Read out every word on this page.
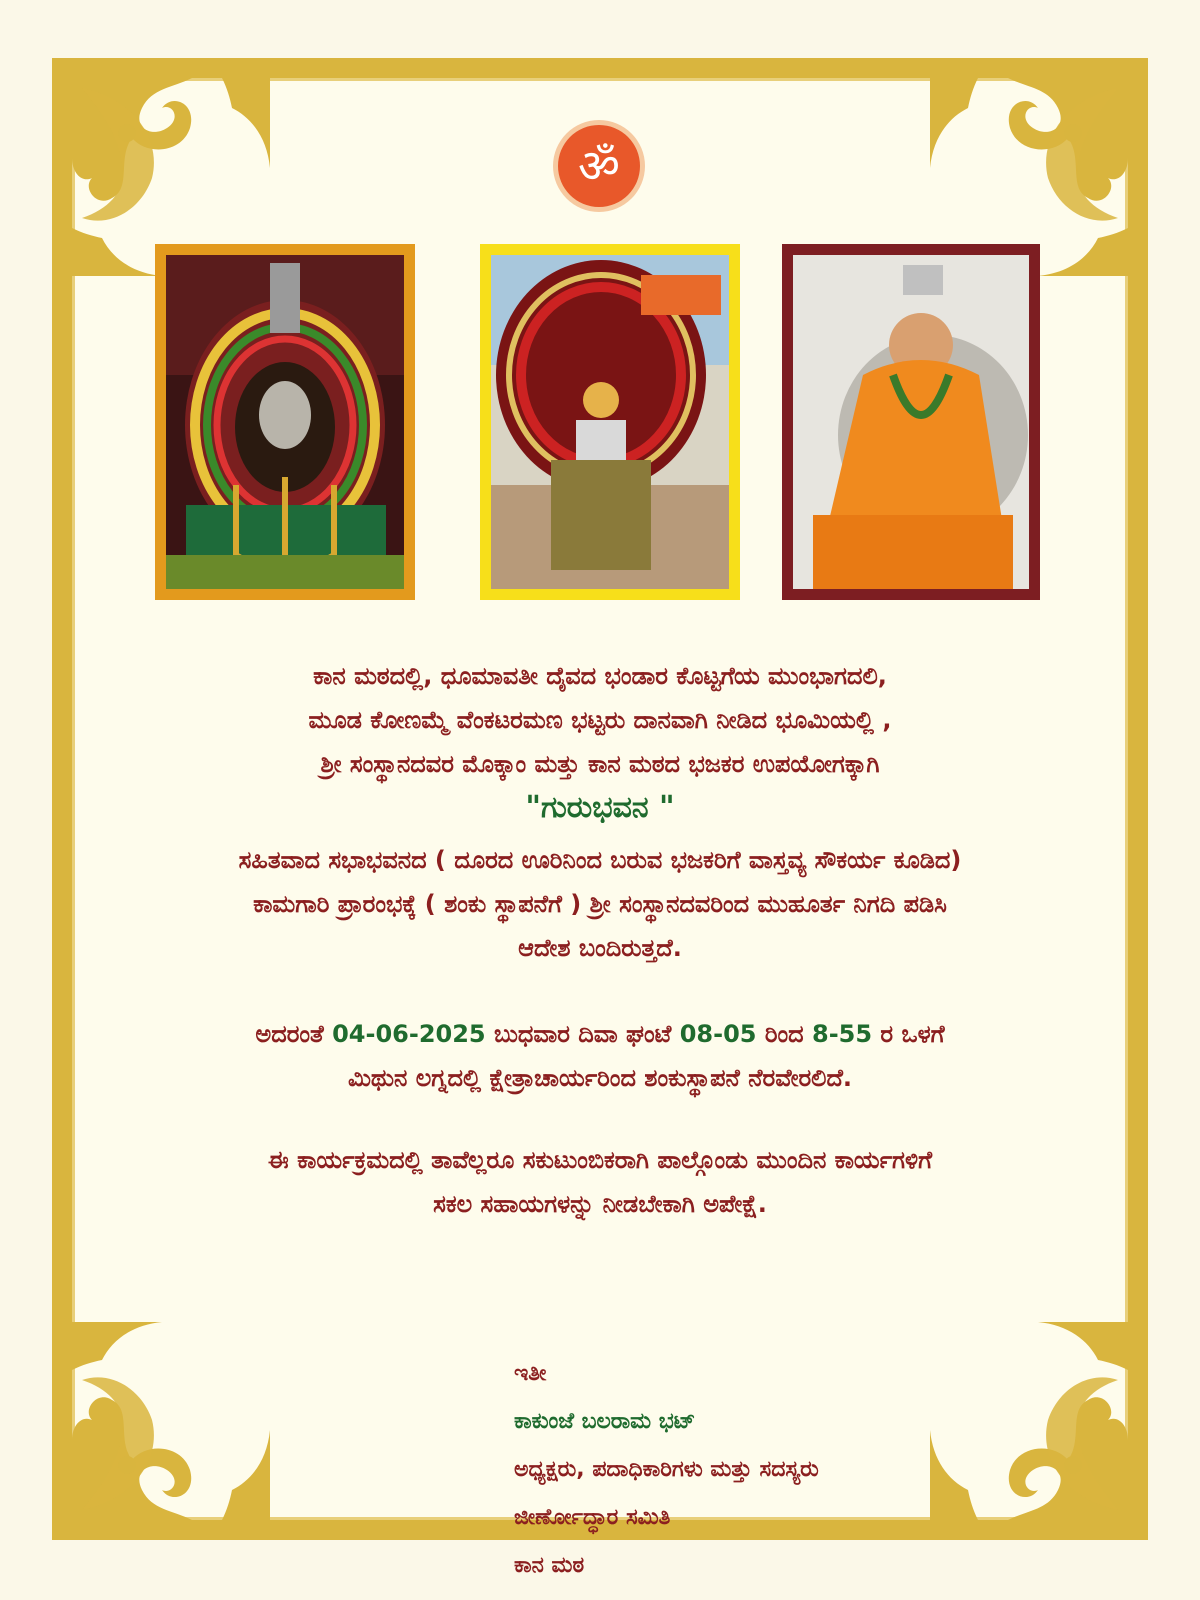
ॐ
ಕಾನ ಮಠದಲ್ಲಿ, ಧೂಮಾವತೀ ದೈವದ ಭಂಡಾರ ಕೊಟ್ಟಗೆಯ ಮುಂಭಾಗದಲಿ,
ಮೂಡ ಕೋಣಮ್ಮೆ ವೆಂಕಟರಮಣ ಭಟ್ಟರು ದಾನವಾಗಿ ನೀಡಿದ ಭೂಮಿಯಲ್ಲಿ ,
ಶ್ರೀ ಸಂಸ್ಥಾನದವರ ಮೊಕ್ಕಾಂ ಮತ್ತು ಕಾನ ಮಠದ ಭಜಕರ ಉಪಯೋಗಕ್ಕಾಗಿ
"ಗುರುಭವನ "
ಸಹಿತವಾದ ಸಭಾಭವನದ ( ದೂರದ ಊರಿನಿಂದ ಬರುವ ಭಜಕರಿಗೆ ವಾಸ್ತವ್ಯ ಸೌಕರ್ಯ ಕೂಡಿದ)
ಕಾಮಗಾರಿ ಪ್ರಾರಂಭಕ್ಕೆ ( ಶಂಕು ಸ್ಥಾಪನೆಗೆ ) ಶ್ರೀ ಸಂಸ್ಥಾನದವರಿಂದ ಮುಹೂರ್ತ ನಿಗದಿ ಪಡಿಸಿ
ಆದೇಶ ಬಂದಿರುತ್ತದೆ.
ಅದರಂತೆ 04-06-2025 ಬುಧವಾರ ದಿವಾ ಘಂಟೆ 08-05 ರಿಂದ 8-55 ರ ಒಳಗೆ
ಮಿಥುನ ಲಗ್ನದಲ್ಲಿ ಕ್ಷೇತ್ರಾಚಾರ್ಯರಿಂದ ಶಂಕುಸ್ಥಾಪನೆ ನೆರವೇರಲಿದೆ.
ಈ ಕಾರ್ಯಕ್ರಮದಲ್ಲಿ ತಾವೆಲ್ಲರೂ ಸಕುಟುಂಬಿಕರಾಗಿ ಪಾಲ್ಗೊಂಡು ಮುಂದಿನ ಕಾರ್ಯಗಳಿಗೆ
ಸಕಲ ಸಹಾಯಗಳನ್ನು ನೀಡಬೇಕಾಗಿ ಅಪೇಕ್ಷೆ.
ಇತೀ
ಕಾಕುಂಜೆ ಬಲರಾಮ ಭಟ್
ಅಧ್ಯಕ್ಷರು, ಪದಾಧಿಕಾರಿಗಳು ಮತ್ತು ಸದಸ್ಯರು
ಜೀರ್ಣೋದ್ಧಾರ ಸಮಿತಿ
ಕಾನ ಮಠ
